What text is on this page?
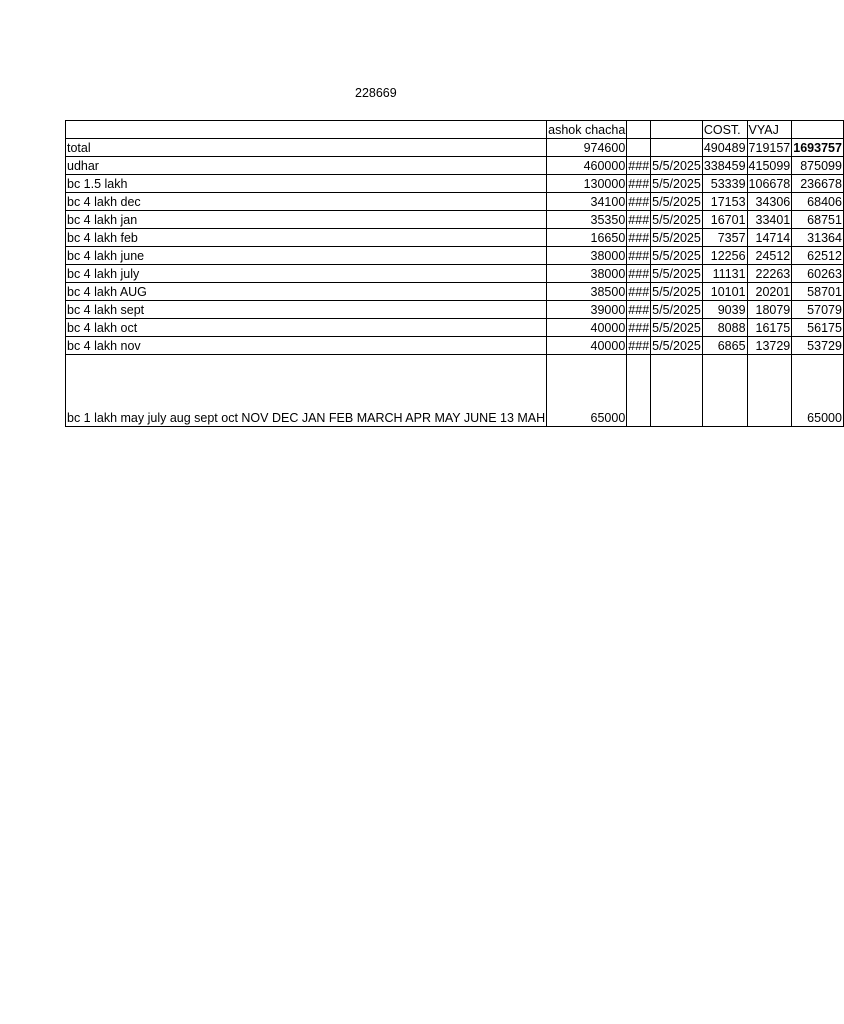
228669
	ashok chacha			COST.	VYAJ	
total	974600			490489	719157	1693757
udhar	460000	###	5/5/2025	338459	415099	875099
bc 1.5 lakh	130000	###	5/5/2025	53339	106678	236678
bc 4 lakh dec	34100	###	5/5/2025	17153	34306	68406
bc 4 lakh jan	35350	###	5/5/2025	16701	33401	68751
bc 4 lakh feb	16650	###	5/5/2025	7357	14714	31364
bc 4 lakh june	38000	###	5/5/2025	12256	24512	62512
bc 4 lakh july	38000	###	5/5/2025	11131	22263	60263
bc 4 lakh AUG	38500	###	5/5/2025	10101	20201	58701
bc 4 lakh sept	39000	###	5/5/2025	9039	18079	57079
bc 4 lakh oct	40000	###	5/5/2025	8088	16175	56175
bc 4 lakh nov	40000	###	5/5/2025	6865	13729	53729
bc 1 lakh may july aug sept oct NOV DEC JAN FEB MARCH APR MAY JUNE 13 MAH	65000					65000
